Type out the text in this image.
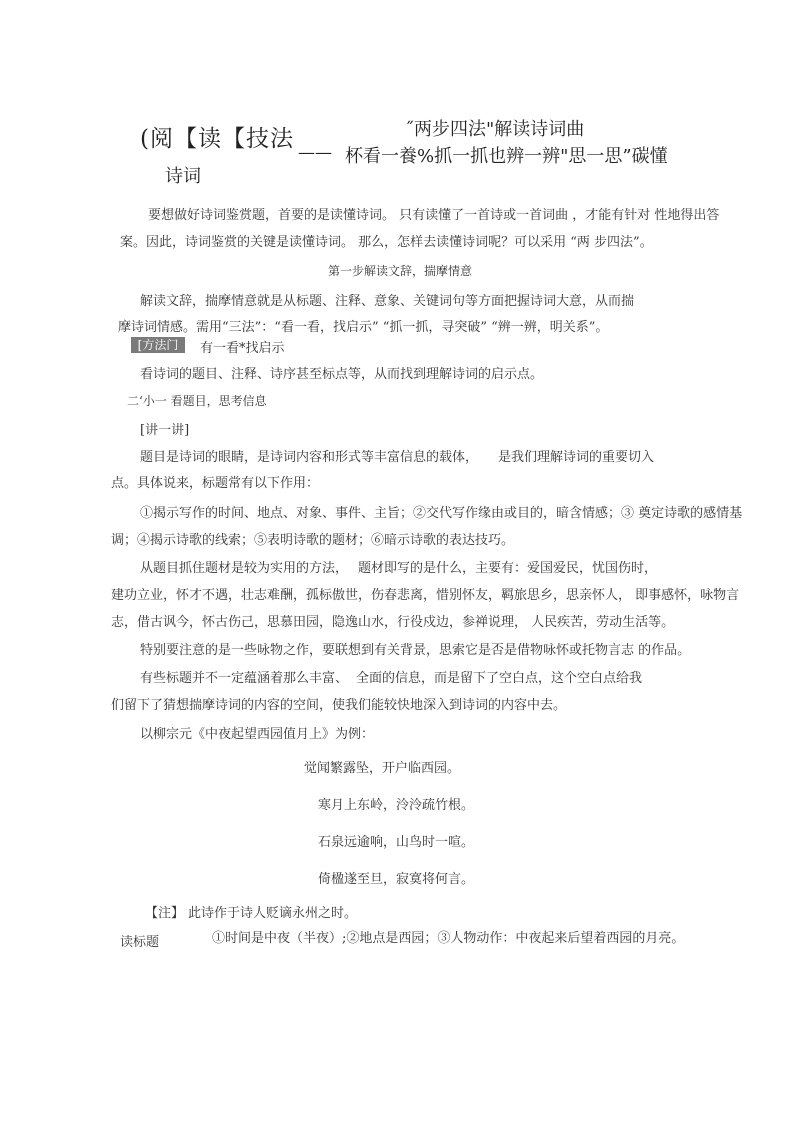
(阅【读【技法	˝两步四法"解读诗词曲
—— 杯看一養%抓一抓也辨一辨"思一思”碳懂
诗词
要想做好诗词鉴赏题，首要的是读懂诗词。 只有读懂了一首诗或一首词曲 ，才能有针对 性地得出答
案。因此，诗词鉴赏的关键是读懂诗词。 那么，怎样去读懂诗词呢？可以采用 “两 步四法”。
第一步解读文辞，揣摩情意
解读文辞，揣摩情意就是从标题、注释、意象、关键词句等方面把握诗词大意，从而揣
摩诗词情感。需用“三法”：“看一看，找启示” “抓一抓，寻突破” “辨一辨，明关系”。
[方法门	有一看*找启示
看诗词的题目、注释、诗序甚至标点等，从而找到理解诗词的启示点。
二‘小一 看题目，思考信息
[讲一讲]
题目是诗词的眼睛，是诗词内容和形式等丰富信息的载体， 是我们理解诗词的重要切入
点。具体说来，标题常有以下作用：
①揭示写作的时间、地点、对象、事件、主旨；②交代写作缘由或目的，暗含情感；③ 奠定诗歌的感情基
调；④揭示诗歌的线索；⑤表明诗歌的题材；⑥暗示诗歌的表达技巧。
从题目抓住题材是较为实用的方法， 题材即写的是什么，主要有：爱国爱民，忧国伤时，
建功立业，怀才不遇，壮志难酬，孤标傲世，伤春悲离，惜别怀友，羁旅思乡，思亲怀人， 即事感怀，咏物言
志，借古讽今，怀古伤己，思慕田园，隐逸山水，行役戍边，参禅说理， 人民疾苦，劳动生活等。
特别要注意的是一些咏物之作，要联想到有关背景，思索它是否是借物咏怀或托物言志 的作品。
有些标题并不一定蕴涵着那么丰富、 全面的信息，而是留下了空白点，这个空白点给我
们留下了猜想揣摩诗词的内容的空间，使我们能较快地深入到诗词的内容中去。
以柳宗元《中夜起望西园值月上》为例：
觉闻繁露坠，开户临西园。
寒月上东岭，泠泠疏竹根。
石泉远逾响，山鸟时一喧。
倚楹遂至旦，寂寞将何言。
【注】 此诗作于诗人贬谪永州之时。
读标题	①时间是中夜（半夜）;②地点是西园；③人物动作：中夜起来后望着西园的月亮。
